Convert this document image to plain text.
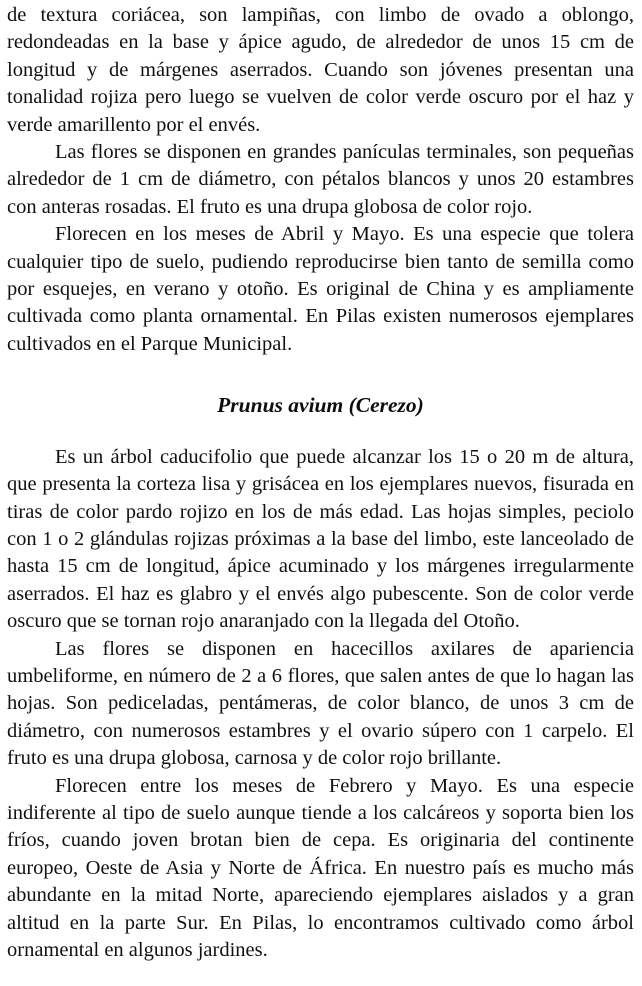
de textura coriácea, son lampiñas, con limbo de ovado a oblongo, redondeadas en la base y ápice agudo, de alrededor de unos 15 cm de longitud y de márgenes aserrados. Cuando son jóvenes presentan una tonalidad rojiza pero luego se vuelven de color verde oscuro por el haz y verde amarillento por el envés.

Las flores se disponen en grandes panículas terminales, son pequeñas alrededor de 1 cm de diámetro, con pétalos blancos y unos 20 estambres con anteras rosadas. El fruto es una drupa globosa de color rojo.

Florecen en los meses de Abril y Mayo. Es una especie que tolera cualquier tipo de suelo, pudiendo reproducirse bien tanto de semilla como por esquejes, en verano y otoño. Es original de China y es ampliamente cultivada como planta ornamental. En Pilas existen numerosos ejemplares cultivados en el Parque Municipal.

Prunus avium (Cerezo)

Es un árbol caducifolio que puede alcanzar los 15 o 20 m de altura, que presenta la corteza lisa y grisácea en los ejemplares nuevos, fisurada en tiras de color pardo rojizo en los de más edad. Las hojas simples, peciolo con 1 o 2 glándulas rojizas próximas a la base del limbo, este lanceolado de hasta 15 cm de longitud, ápice acuminado y los márgenes irregularmente aserrados. El haz es glabro y el envés algo pubescente. Son de color verde oscuro que se tornan rojo anaranjado con la llegada del Otoño.

Las flores se disponen en hacecillos axilares de apariencia umbeliforme, en número de 2 a 6 flores, que salen antes de que lo hagan las hojas. Son pediceladas, pentámeras, de color blanco, de unos 3 cm de diámetro, con numerosos estambres y el ovario súpero con 1 carpelo. El fruto es una drupa globosa, carnosa y de color rojo brillante.

Florecen entre los meses de Febrero y Mayo. Es una especie indiferente al tipo de suelo aunque tiende a los calcáreos y soporta bien los fríos, cuando joven brotan bien de cepa. Es originaria del continente europeo, Oeste de Asia y Norte de África. En nuestro país es mucho más abundante en la mitad Norte, apareciendo ejemplares aislados y a gran altitud en la parte Sur. En Pilas, lo encontramos cultivado como árbol ornamental en algunos jardines.
